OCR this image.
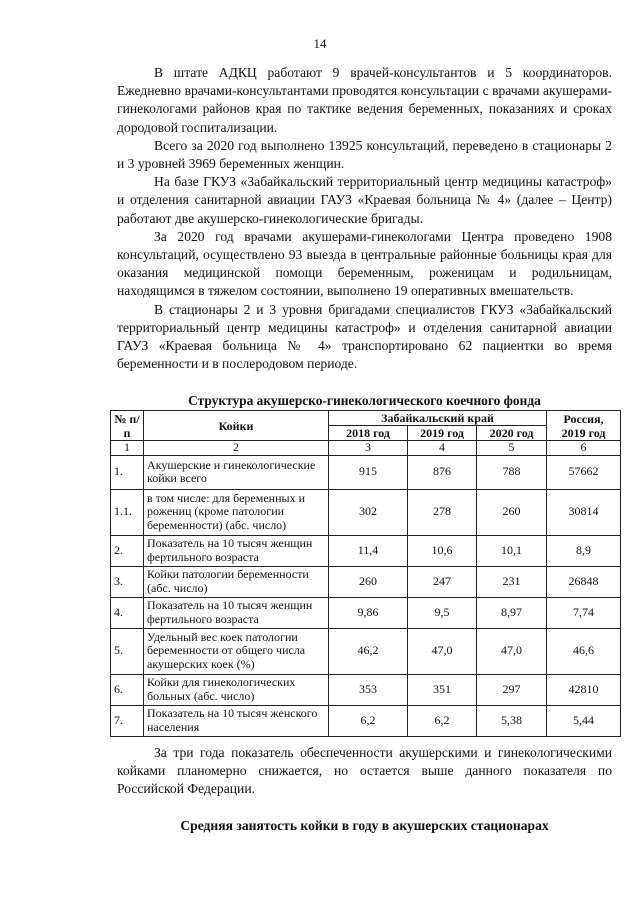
14

В штате АДКЦ работают 9 врачей-консультантов и 5 координаторов. Ежедневно врачами-консультантами проводятся консультации с врачами акушерами-гинекологами районов края по тактике ведения беременных, показаниях и сроках дородовой госпитализации.

Всего за 2020 год выполнено 13925 консультаций, переведено в стационары 2 и 3 уровней 3969 беременных женщин.

На базе ГКУЗ «Забайкальский территориальный центр медицины катастроф» и отделения санитарной авиации ГАУЗ «Краевая больница № 4» (далее – Центр) работают две акушерско-гинекологические бригады.

За 2020 год врачами акушерами-гинекологами Центра проведено 1908 консультаций, осуществлено 93 выезда в центральные районные больницы края для оказания медицинской помощи беременным, роженицам и родильницам, находящимся в тяжелом состоянии, выполнено 19 оперативных вмешательств.

В стационары 2 и 3 уровня бригадами специалистов ГКУЗ «Забайкальский территориальный центр медицины катастроф» и отделения санитарной авиации ГАУЗ «Краевая больница № 4» транспортировано 62 пациентки во время беременности и в послеродовом периоде.

Структура акушерско-гинекологического коечного фонда
№ п/п	Койки	Забайкальский край			Россия, 2019 год
		2018 год	2019 год	2020 год	
1	2	3	4	5	6
1.	Акушерские и гинекологические койки всего	915	876	788	57662
1.1.	в том числе: для беременных и рожениц (кроме патологии беременности) (абс. число)	302	278	260	30814
2.	Показатель на 10 тысяч женщин фертильного возраста	11,4	10,6	10,1	8,9
3.	Койки патологии беременности (абс. число)	260	247	231	26848
4.	Показатель на 10 тысяч женщин фертильного возраста	9,86	9,5	8,97	7,74
5.	Удельный вес коек патологии беременности от общего числа акушерских коек (%)	46,2	47,0	47,0	46,6
6.	Койки для гинекологических больных (абс. число)	353	351	297	42810
7.	Показатель на 10 тысяч женского населения	6,2	6,2	5,38	5,44

За три года показатель обеспеченности акушерскими и гинекологическими койками планомерно снижается, но остается выше данного показателя по Российской Федерации.

Средняя занятость койки в году в акушерских стационарах
